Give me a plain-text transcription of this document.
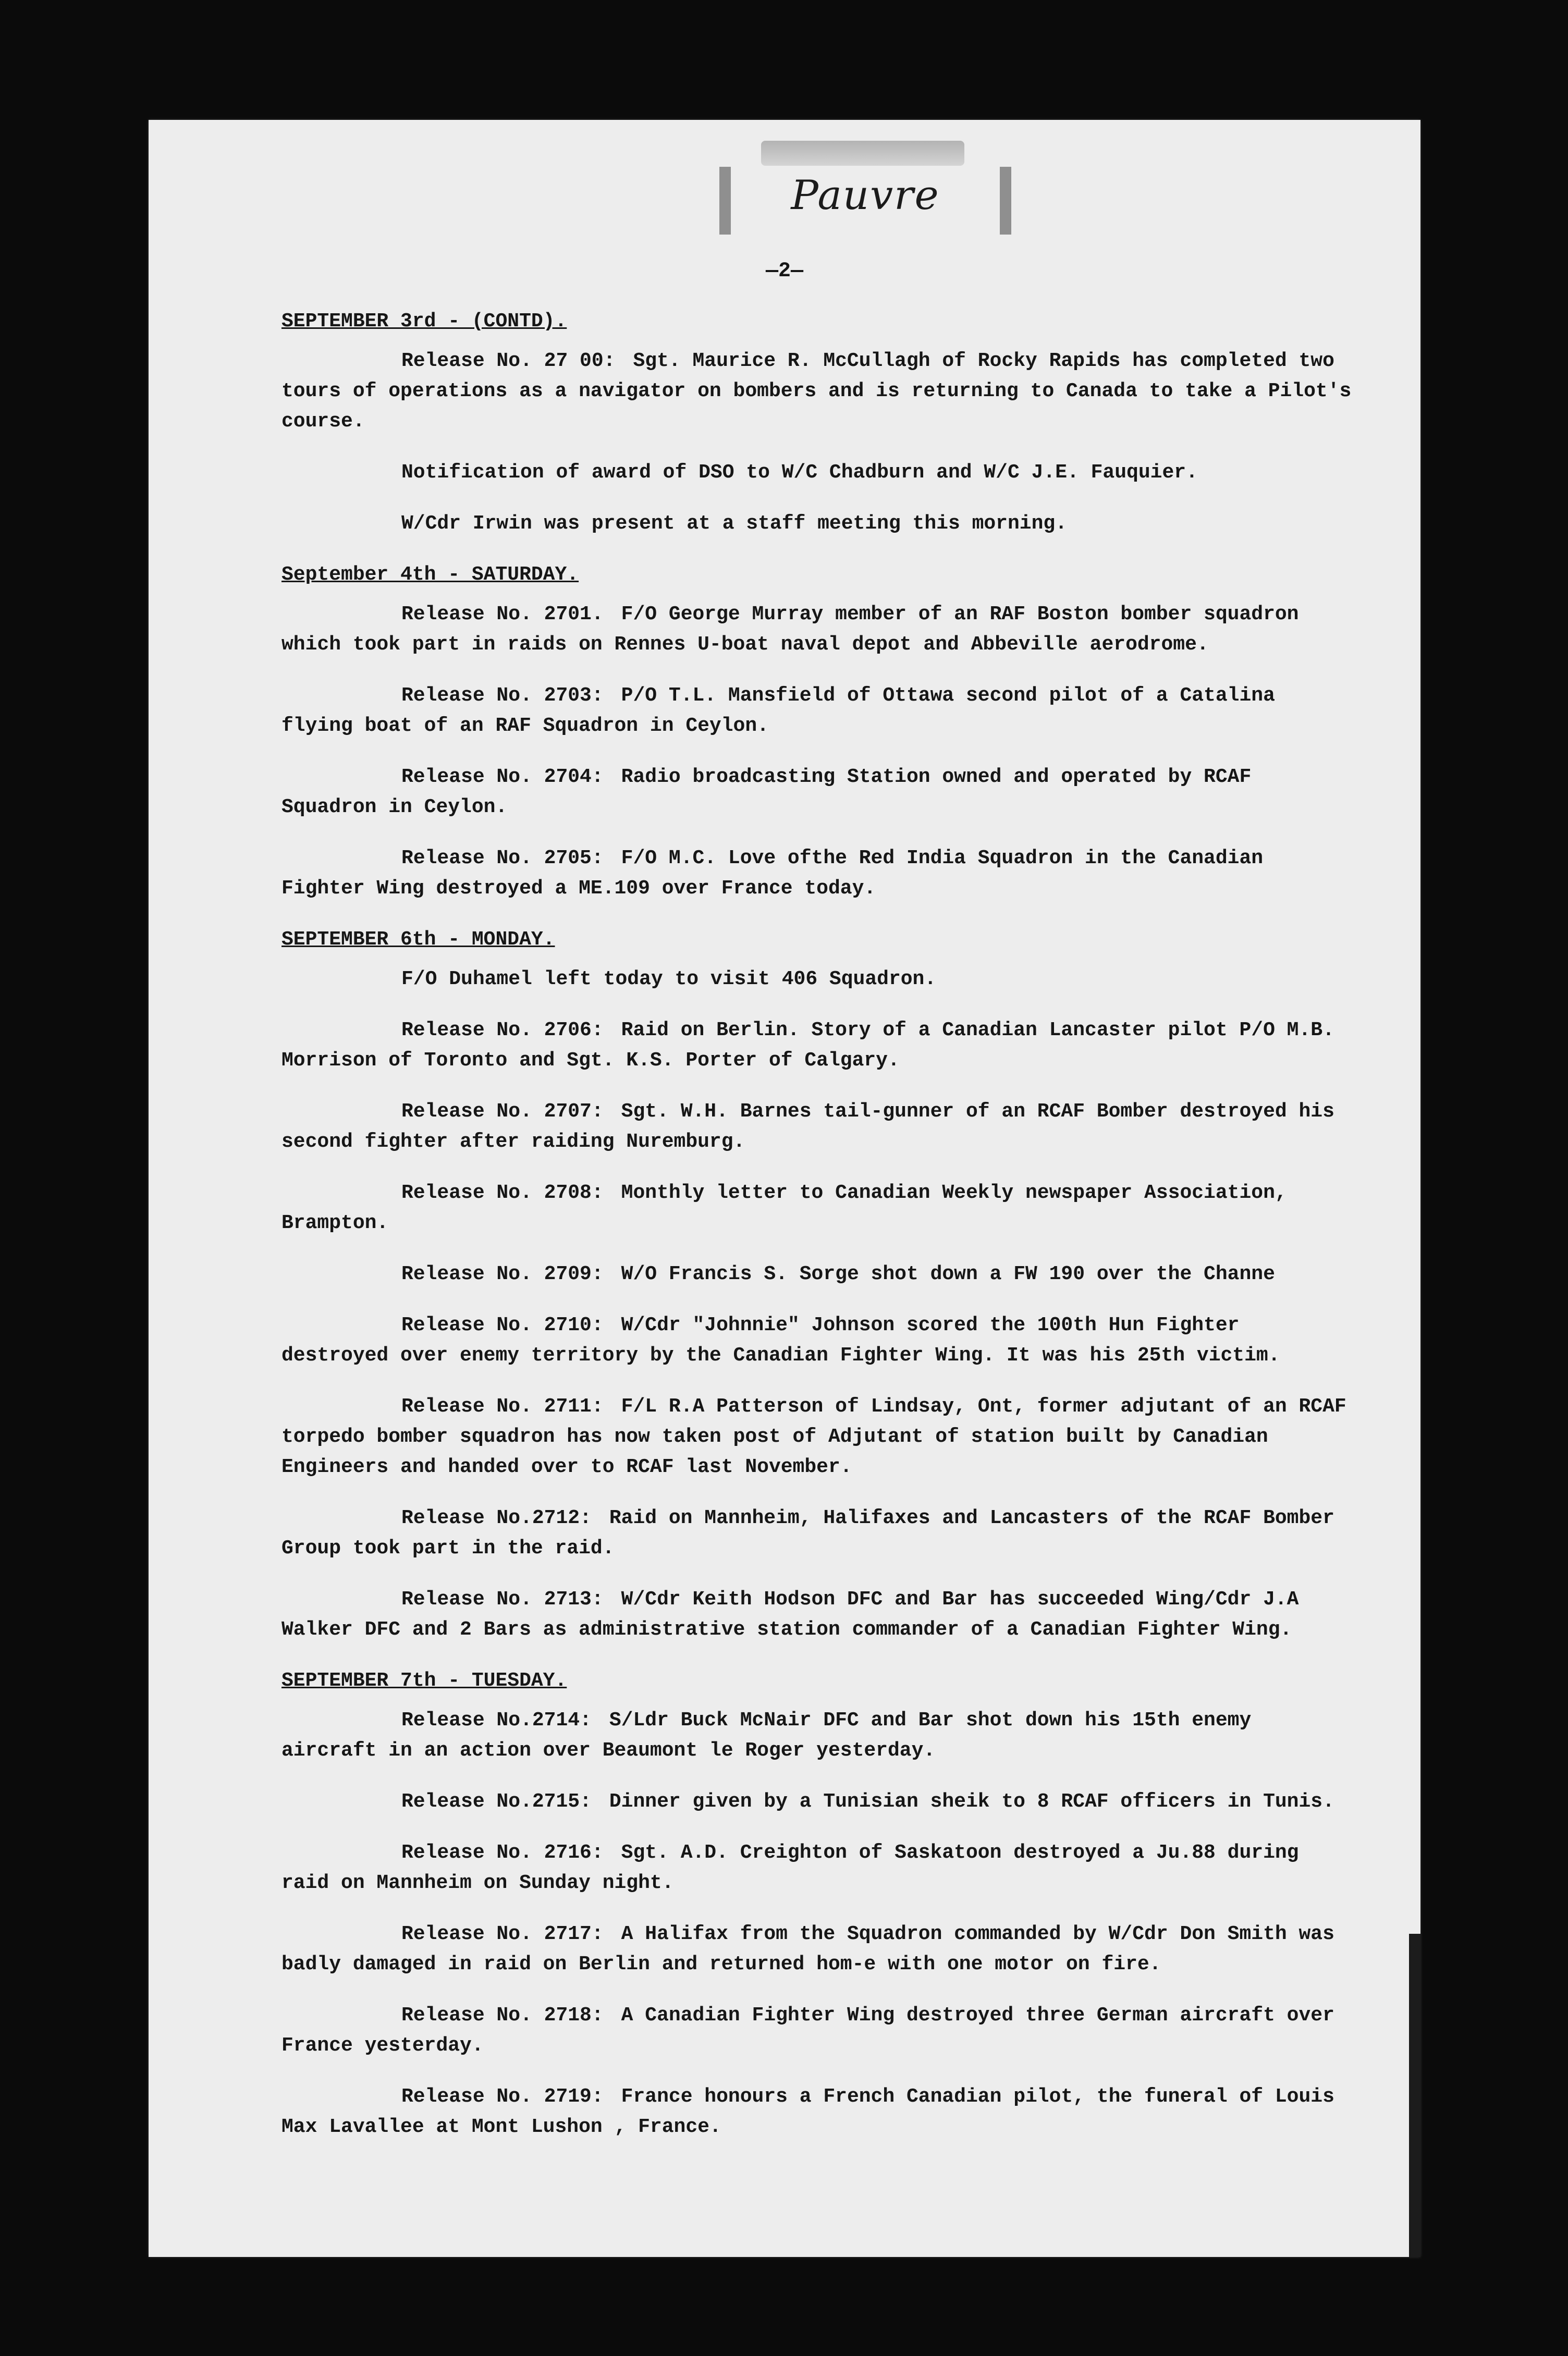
Pauvre
—2—
SEPTEMBER 3rd - (CONTD).

Release No. 27 00: Sgt. Maurice R. McCullagh of Rocky Rapids has completed two tours of operations as a navigator on bombers and is returning to Canada to take a Pilot's course.

Notification of award of DSO to W/C Chadburn and W/C J.E. Fauquier.

W/Cdr Irwin was present at a staff meeting this morning.

September 4th - SATURDAY.

Release No. 2701. F/O George Murray member of an RAF Boston bomber squadron which took part in raids on Rennes U-boat naval depot and Abbeville aerodrome.

Release No. 2703: P/O T.L. Mansfield of Ottawa second pilot of a Catalina flying boat of an RAF Squadron in Ceylon.

Release No. 2704: Radio broadcasting Station owned and operated by RCAF Squadron in Ceylon.

Release No. 2705: F/O M.C. Love ofthe Red India Squadron in the Canadian Fighter Wing destroyed a ME.109 over France today.

SEPTEMBER 6th - MONDAY.

F/O Duhamel left today to visit 406 Squadron.

Release No. 2706: Raid on Berlin. Story of a Canadian Lancaster pilot P/O M.B. Morrison of Toronto and Sgt. K.S. Porter of Calgary.

Release No. 2707: Sgt. W.H. Barnes tail-gunner of an RCAF Bomber destroyed his second fighter after raiding Nuremburg.

Release No. 2708: Monthly letter to Canadian Weekly newspaper Association, Brampton.

Release No. 2709: W/O Francis S. Sorge shot down a FW 190 over the Channe

Release No. 2710: W/Cdr "Johnnie" Johnson scored the 100th Hun Fighter destroyed over enemy territory by the Canadian Fighter Wing. It was his 25th victim.

Release No. 2711: F/L R.A Patterson of Lindsay, Ont, former adjutant of an RCAF torpedo bomber squadron has now taken post of Adjutant of station built by Canadian Engineers and handed over to RCAF last November.

Release No.2712: Raid on Mannheim, Halifaxes and Lancasters of the RCAF Bomber Group took part in the raid.

Release No. 2713: W/Cdr Keith Hodson DFC and Bar has succeeded Wing/Cdr J.A Walker DFC and 2 Bars as administrative station commander of a Canadian Fighter Wing.

SEPTEMBER 7th - TUESDAY.

Release No.2714: S/Ldr Buck McNair DFC and Bar shot down his 15th enemy aircraft in an action over Beaumont le Roger yesterday.

Release No.2715: Dinner given by a Tunisian sheik to 8 RCAF officers in Tunis.

Release No. 2716: Sgt. A.D. Creighton of Saskatoon destroyed a Ju.88 during raid on Mannheim on Sunday night.

Release No. 2717: A Halifax from the Squadron commanded by W/Cdr Don Smith was badly damaged in raid on Berlin and returned hom-e with one motor on fire.

Release No. 2718: A Canadian Fighter Wing destroyed three German aircraft over France yesterday.

Release No. 2719: France honours a French Canadian pilot, the funeral of Louis Max Lavallee at Mont Lushon , France.
